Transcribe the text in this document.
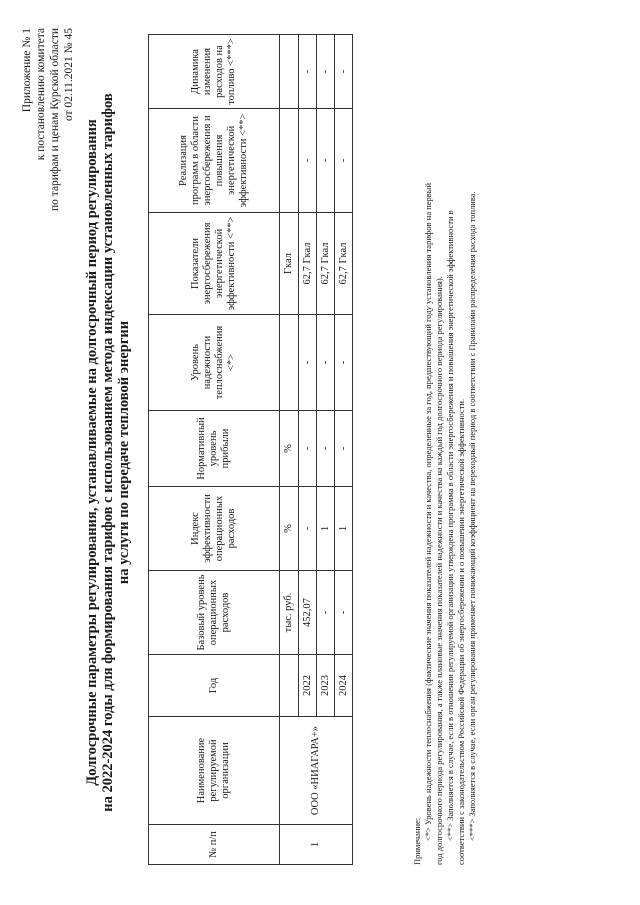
Приложение № 1 к постановлению комитета по тарифам и ценам Курской области от 02.11.2021 № 45
Долгосрочные параметры регулирования, устанавливаемые на долгосрочный период регулирования на 2022-2024 годы для формирования тарифов с использованием метода индексации установленных тарифов на услуги по передаче тепловой энергии
№ п/п	Наименование регулируемой организации	Год	Базовый уровень операционных расходов	Индекс эффективности операционных расходов	Нормативный уровень прибыли	Уровень надежности теплоснабжения <*>	Показатели энергосбережения энергетической эффективности <**>	Реализация программ в области энергосбережения и повышения энергетической эффективности <**>	Динамика изменения расходов на топливо <***>
1	ООО «НИАГАРА+»		тыс. руб.	%	%		Гкал		
		2022	452,07	-	-	-	62,7 Гкал	-	-
		2023	-	1	-	-	62,7 Гкал	-	-
		2024	-	1	-	-	62,7 Гкал	-	-
Примечание:
<*> Уровень надежности теплоснабжения (фактические значения показателей надежности и качества, определенные за год, предшествующий году установления тарифов на первый год долгосрочного периода регулирования, а также плановые значения показателей надежности и качества на каждый год долгосрочного периода регулирования). <**> Заполняется в случае, если в отношении регулируемой организации утверждена программа в области энергосбережения и повышения энергетической эффективности в соответствии с законодательством Российской Федерации об энергосбережении и о повышении энергетической эффективности. <***> Заполняется в случае, если орган регулирования применяет понижающий коэффициент на переходный период в соответствии с Правилами распределения расхода топлива.
